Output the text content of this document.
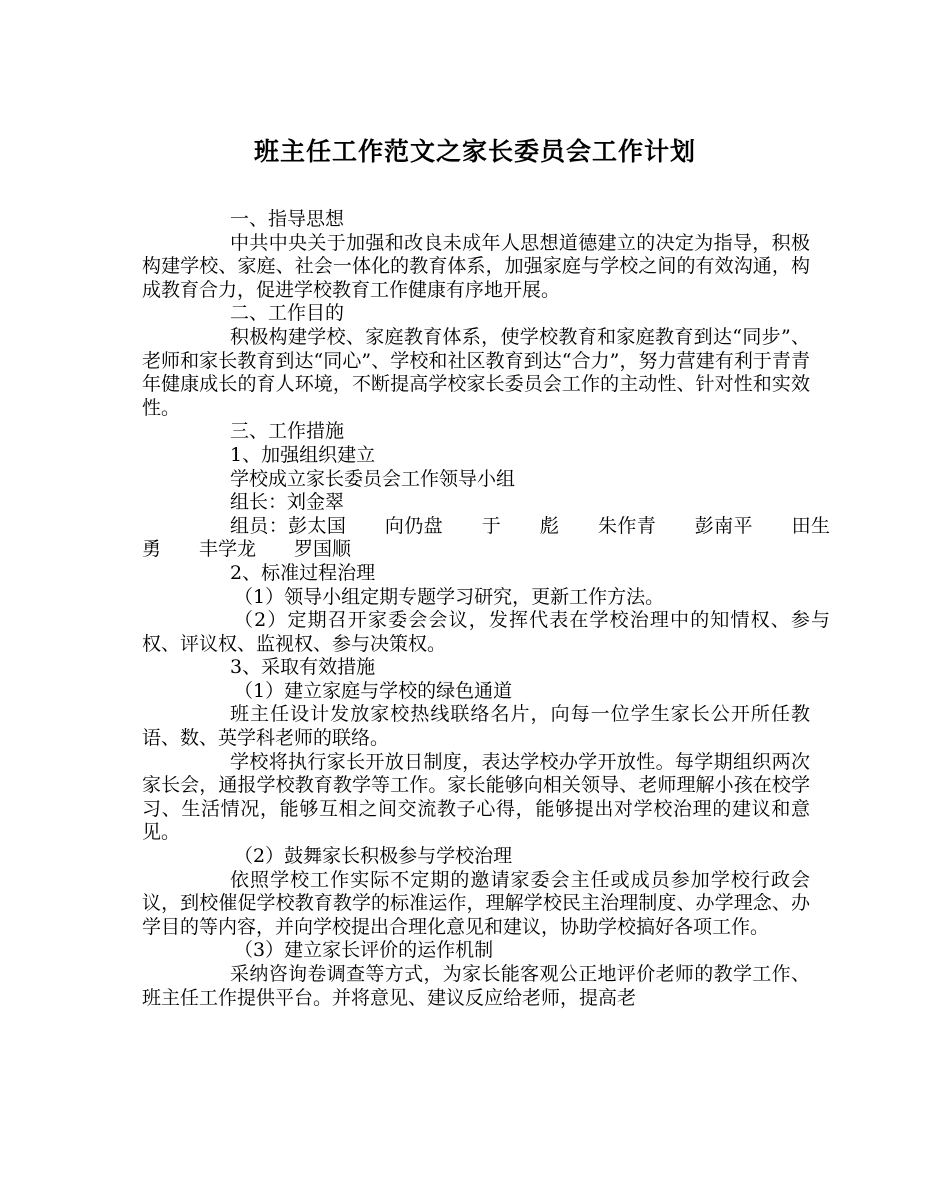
班主任工作范文之家长委员会工作计划

一、指导思想

中共中央关于加强和改良未成年人思想道德建立的决定为指导，积极构建学校、家庭、社会一体化的教育体系，加强家庭与学校之间的有效沟通，构成教育合力，促进学校教育工作健康有序地开展。

二、工作目的

积极构建学校、家庭教育体系，使学校教育和家庭教育到达“同步”、老师和家长教育到达“同心”、学校和社区教育到达“合力”，努力营建有利于青青年健康成长的育人环境，不断提高学校家长委员会工作的主动性、针对性和实效性。

三、工作措施

1、加强组织建立

学校成立家长委员会工作领导小组

组长：刘金翠

组员：彭太国　　向仍盘　　于　　彪　　朱作青　　彭南平　　田生勇　　丰学龙　　罗国顺

2、标准过程治理

（1）领导小组定期专题学习研究，更新工作方法。

（2）定期召开家委会会议，发挥代表在学校治理中的知情权、参与权、评议权、监视权、参与决策权。

3、采取有效措施

（1）建立家庭与学校的绿色通道

班主任设计发放家校热线联络名片，向每一位学生家长公开所任教语、数、英学科老师的联络。

学校将执行家长开放日制度，表达学校办学开放性。每学期组织两次家长会，通报学校教育教学等工作。家长能够向相关领导、老师理解小孩在校学习、生活情况，能够互相之间交流教子心得，能够提出对学校治理的建议和意见。

（2）鼓舞家长积极参与学校治理

依照学校工作实际不定期的邀请家委会主任或成员参加学校行政会议，到校催促学校教育教学的标准运作，理解学校民主治理制度、办学理念、办学目的等内容，并向学校提出合理化意见和建议，协助学校搞好各项工作。

（3）建立家长评价的运作机制

采纳咨询卷调查等方式，为家长能客观公正地评价老师的教学工作、班主任工作提供平台。并将意见、建议反应给老师，提高老
